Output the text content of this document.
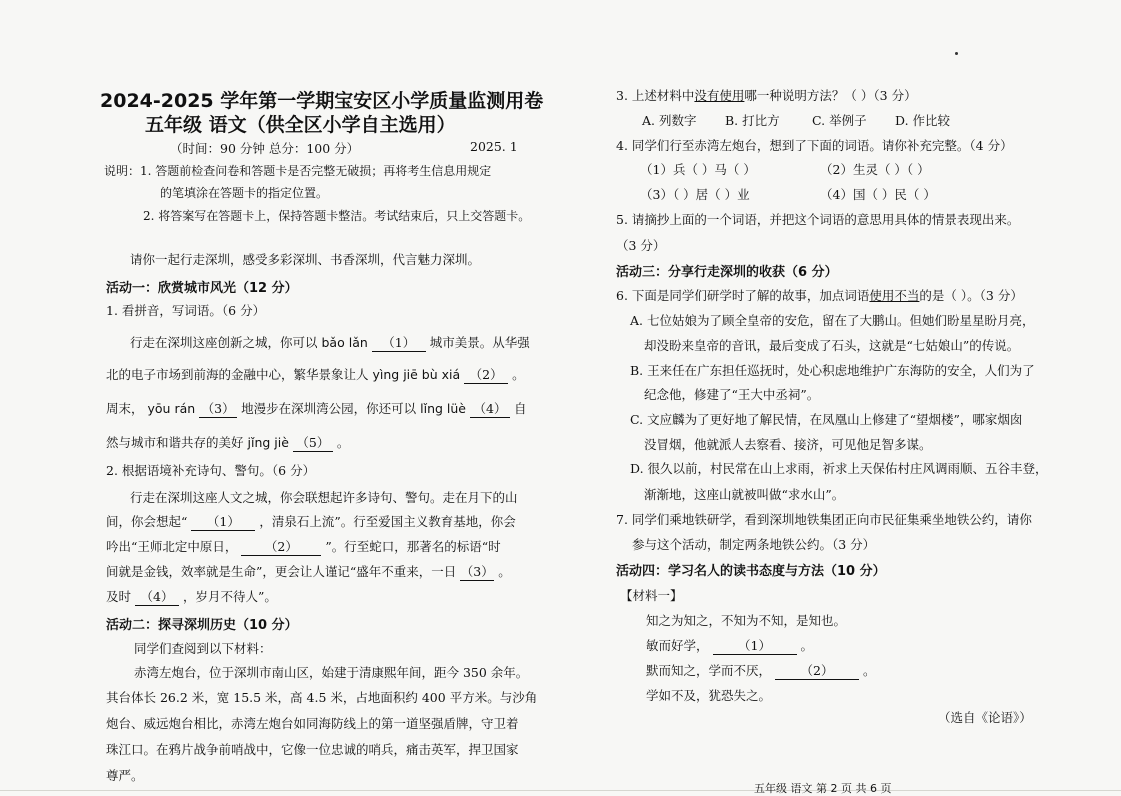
2024-2025 学年第一学期宝安区小学质量监测用卷
五年级 语文（供全区小学自主选用）
（时间：90 分钟 总分：100 分）	2025. 1
说明：1. 答题前检查问卷和答题卡是否完整无破损；再将考生信息用规定
的笔填涂在答题卡的指定位置。
2. 将答案写在答题卡上，保持答题卡整洁。考试结束后，只上交答题卡。
请你一起行走深圳，感受多彩深圳、书香深圳，代言魅力深圳。
活动一：欣赏城市风光（12 分）
1. 看拼音，写词语。（6 分）
行走在深圳这座创新之城，你可以 bǎo lǎn （1） 城市美景。从华强
北的电子市场到前海的金融中心，繁华景象让人 yìng jiē bù xiá （2） 。
周末， yōu rán （3） 地漫步在深圳湾公园，你还可以 lǐng lüè （4） 自
然与城市和谐共存的美好 jǐng jiè （5） 。
2. 根据语境补充诗句、警句。（6 分）
行走在深圳这座人文之城，你会联想起许多诗句、警句。走在月下的山
间，你会想起“ （1） ，清泉石上流”。行至爱国主义教育基地，你会
吟出“王师北定中原日， （2） ”。行至蛇口，那著名的标语“时
间就是金钱，效率就是生命”，更会让人谨记“盛年不重来，一日 （3） 。
及时 （4） ，岁月不待人”。
活动二：探寻深圳历史（10 分）
同学们查阅到以下材料：
赤湾左炮台，位于深圳市南山区，始建于清康熙年间，距今 350 余年。
其台体长 26.2 米，宽 15.5 米，高 4.5 米，占地面积约 400 平方米。与沙角
炮台、威远炮台相比，赤湾左炮台如同海防线上的第一道坚强盾牌，守卫着
珠江口。在鸦片战争前哨战中，它像一位忠诚的哨兵，痛击英军，捍卫国家
尊严。
3. 上述材料中没有使用哪一种说明方法？（ ）（3 分）
A. 列数字 B. 打比方	C. 举例子 D. 作比较
4. 同学们行至赤湾左炮台，想到了下面的词语。请你补充完整。（4 分）
（1）兵（ ）马（ ）	（2）生灵（ ）（ ）
（3）（ ）居（ ）业	（4）国（ ）民（ ）
5. 请摘抄上面的一个词语，并把这个词语的意思用具体的情景表现出来。
（3 分）
活动三：分享行走深圳的收获（6 分）
6. 下面是同学们研学时了解的故事，加点词语使用不当的是（ ）。（3 分）
A. 七位姑娘为了顾全皇帝的安危，留在了大鹏山。但她们盼星星盼月亮，
却没盼来皇帝的音讯，最后变成了石头，这就是“七姑娘山”的传说。
B. 王来任在广东担任巡抚时，处心积虑地维护广东海防的安全，人们为了
纪念他，修建了“王大中丞祠”。
C. 文应麟为了更好地了解民情，在凤凰山上修建了“望烟楼”，哪家烟囱
没冒烟，他就派人去察看、接济，可见他足智多谋。
D. 很久以前，村民常在山上求雨，祈求上天保佑村庄风调雨顺、五谷丰登，
渐渐地，这座山就被叫做“求水山”。
7. 同学们乘地铁研学，看到深圳地铁集团正向市民征集乘坐地铁公约，请你
参与这个活动，制定两条地铁公约。（3 分）
活动四：学习名人的读书态度与方法（10 分）
【材料一】
知之为知之，不知为不知，是知也。
敏而好学， （1） 。
默而知之，学而不厌， （2） 。
学如不及，犹恐失之。
（选自《论语》）
五年级 语文 第 2 页 共 6 页
